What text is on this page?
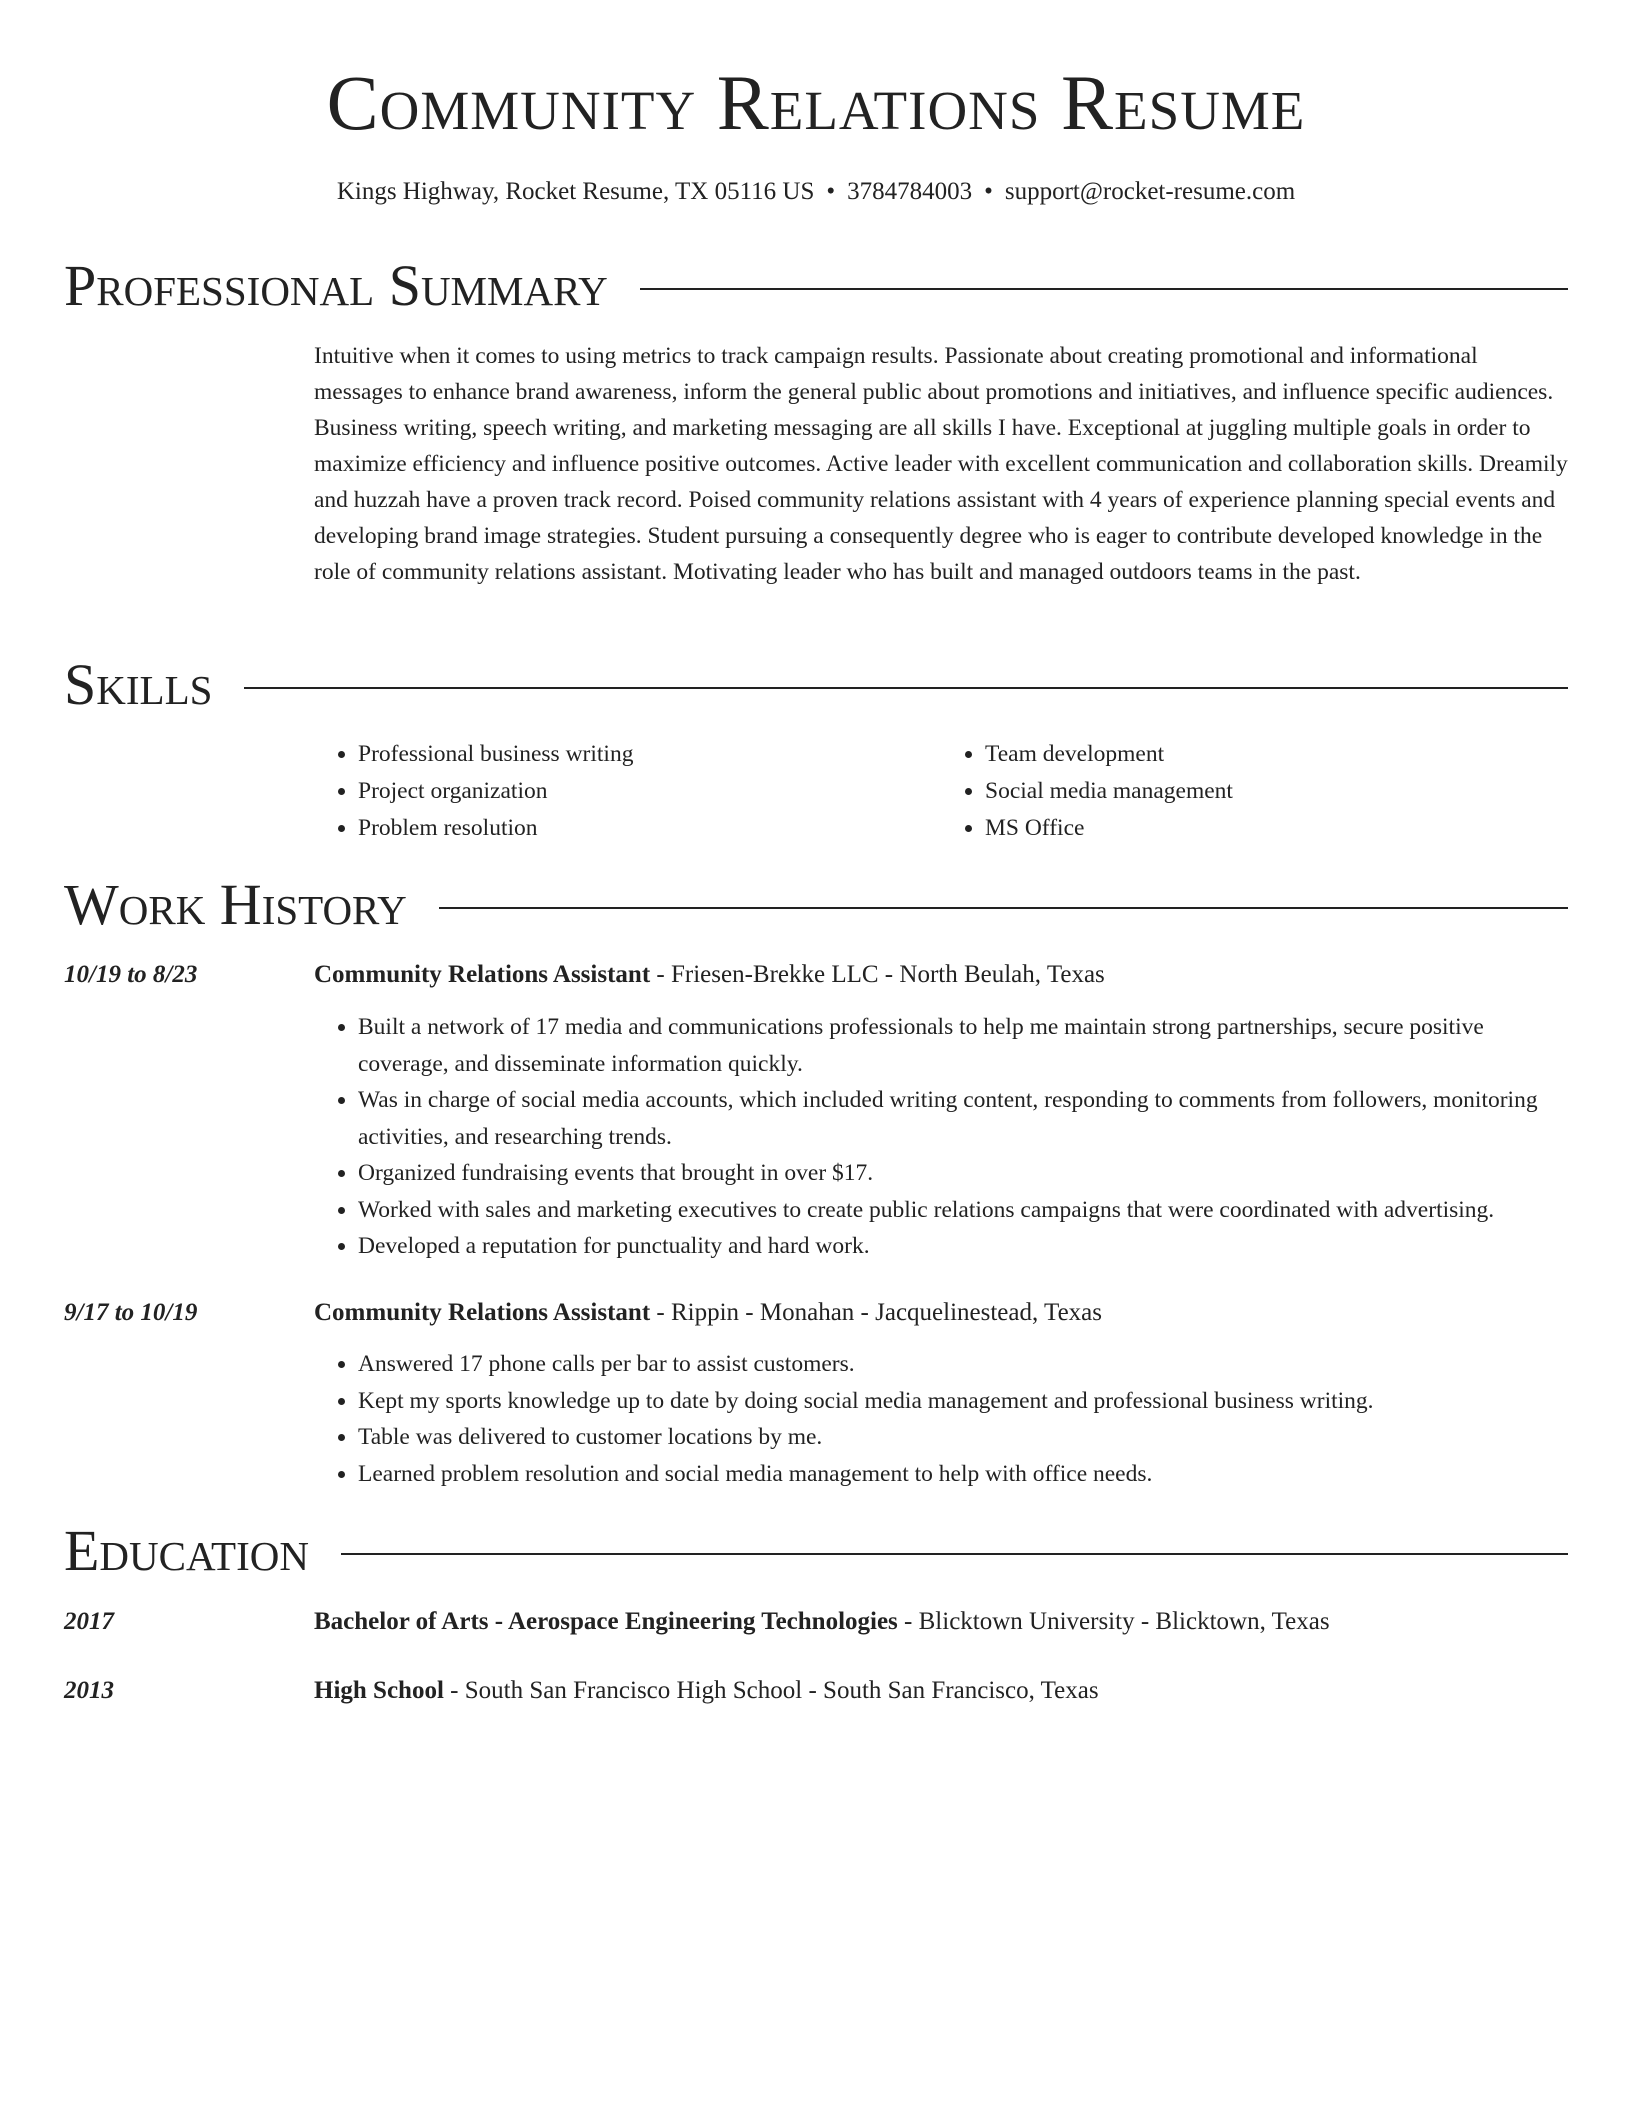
Community Relations Resume
Kings Highway, Rocket Resume, TX 05116 US • 3784784003 • support@rocket-resume.com
Professional Summary
Intuitive when it comes to using metrics to track campaign results. Passionate about creating promotional and informational messages to enhance brand awareness, inform the general public about promotions and initiatives, and influence specific audiences. Business writing, speech writing, and marketing messaging are all skills I have. Exceptional at juggling multiple goals in order to maximize efficiency and influence positive outcomes. Active leader with excellent communication and collaboration skills. Dreamily and huzzah have a proven track record. Poised community relations assistant with 4 years of experience planning special events and developing brand image strategies. Student pursuing a consequently degree who is eager to contribute developed knowledge in the role of community relations assistant. Motivating leader who has built and managed outdoors teams in the past.
Skills
• Professional business writing
• Project organization
• Problem resolution
• Team development
• Social media management
• MS Office
Work History
10/19 to 8/23	Community Relations Assistant - Friesen-Brekke LLC - North Beulah, Texas
• Built a network of 17 media and communications professionals to help me maintain strong partnerships, secure positive coverage, and disseminate information quickly.
• Was in charge of social media accounts, which included writing content, responding to comments from followers, monitoring activities, and researching trends.
• Organized fundraising events that brought in over $17.
• Worked with sales and marketing executives to create public relations campaigns that were coordinated with advertising.
• Developed a reputation for punctuality and hard work.
9/17 to 10/19	Community Relations Assistant - Rippin - Monahan - Jacquelinestead, Texas
• Answered 17 phone calls per bar to assist customers.
• Kept my sports knowledge up to date by doing social media management and professional business writing.
• Table was delivered to customer locations by me.
• Learned problem resolution and social media management to help with office needs.
Education
2017	Bachelor of Arts - Aerospace Engineering Technologies - Blicktown University - Blicktown, Texas
2013	High School - South San Francisco High School - South San Francisco, Texas
